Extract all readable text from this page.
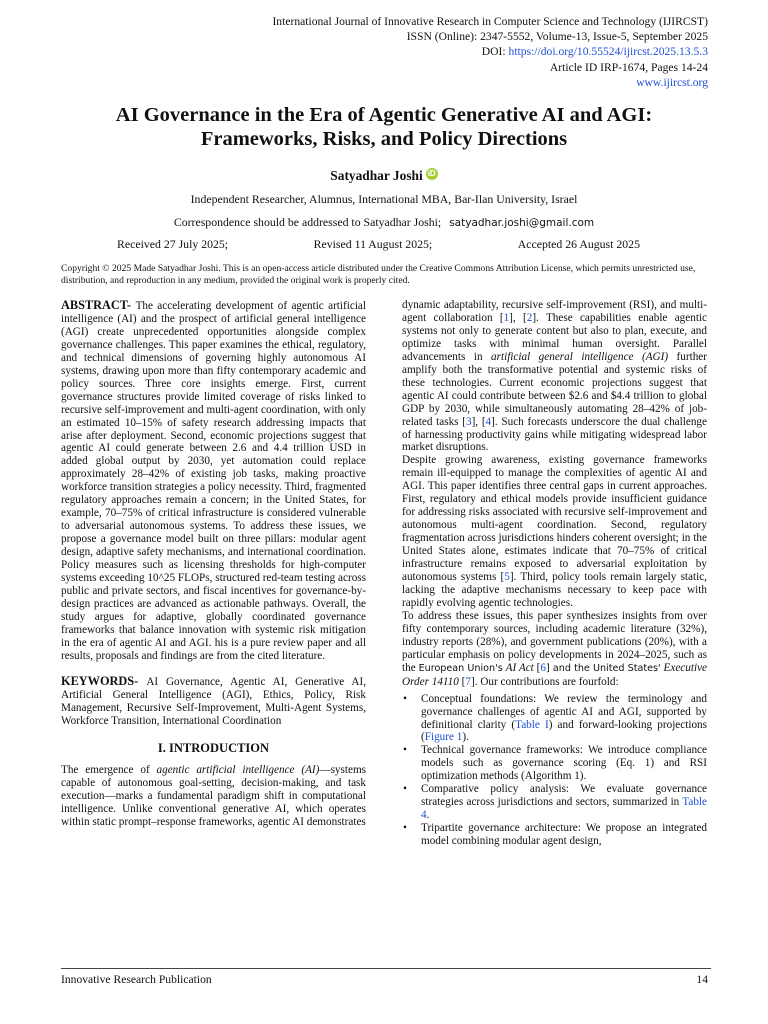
International Journal of Innovative Research in Computer Science and Technology (IJIRCST)
ISSN (Online): 2347-5552, Volume-13, Issue-5, September 2025
DOI: https://doi.org/10.55524/ijircst.2025.13.5.3
Article ID IRP-1674, Pages 14-24
www.ijircst.org
AI Governance in the Era of Agentic Generative AI and AGI:
Frameworks, Risks, and Policy Directions
Satyadhar Joshi iD
Independent Researcher, Alumnus, International MBA, Bar-Ilan University, Israel
Correspondence should be addressed to Satyadhar Joshi; satyadhar.joshi@gmail.com
Received 27 July 2025;	Revised 11 August 2025;	Accepted 26 August 2025
Copyright © 2025 Made Satyadhar Joshi. This is an open-access article distributed under the Creative Commons Attribution License, which permits unrestricted use, distribution, and reproduction in any medium, provided the original work is properly cited.

ABSTRACT- The accelerating development of agentic artificial intelligence (AI) and the prospect of artificial general intelligence (AGI) create unprecedented opportunities alongside complex governance challenges. This paper examines the ethical, regulatory, and technical dimensions of governing highly autonomous AI systems, drawing upon more than fifty contemporary academic and policy sources. Three core insights emerge. First, current governance structures provide limited coverage of risks linked to recursive self-improvement and multi-agent coordination, with only an estimated 10–15% of safety research addressing impacts that arise after deployment. Second, economic projections suggest that agentic AI could generate between 2.6 and 4.4 trillion USD in added global output by 2030, yet automation could replace approximately 28–42% of existing job tasks, making proactive workforce transition strategies a policy necessity. Third, fragmented regulatory approaches remain a concern; in the United States, for example, 70–75% of critical infrastructure is considered vulnerable to adversarial autonomous systems. To address these issues, we propose a governance model built on three pillars: modular agent design, adaptive safety mechanisms, and international coordination. Policy measures such as licensing thresholds for high-computer systems exceeding 10^25 FLOPs, structured red-team testing across public and private sectors, and fiscal incentives for governance-by-design practices are advanced as actionable pathways. Overall, the study argues for adaptive, globally coordinated governance frameworks that balance innovation with systemic risk mitigation in the era of agentic AI and AGI. his is a pure review paper and all results, proposals and findings are from the cited literature.

KEYWORDS- AI Governance, Agentic AI, Generative AI, Artificial General Intelligence (AGI), Ethics, Policy, Risk Management, Recursive Self-Improvement, Multi-Agent Systems, Workforce Transition, International Coordination

I. INTRODUCTION

The emergence of agentic artificial intelligence (AI)—systems capable of autonomous goal-setting, decision-making, and task execution—marks a fundamental paradigm shift in computational intelligence. Unlike conventional generative AI, which operates within static prompt–response frameworks, agentic AI demonstrates

dynamic adaptability, recursive self-improvement (RSI), and multi-agent collaboration [1], [2]. These capabilities enable agentic systems not only to generate content but also to plan, execute, and optimize tasks with minimal human oversight. Parallel advancements in artificial general intelligence (AGI) further amplify both the transformative potential and systemic risks of these technologies. Current economic projections suggest that agentic AI could contribute between $2.6 and $4.4 trillion to global GDP by 2030, while simultaneously automating 28–42% of job-related tasks [3], [4]. Such forecasts underscore the dual challenge of harnessing productivity gains while mitigating widespread labor market disruptions.

Despite growing awareness, existing governance frameworks remain ill-equipped to manage the complexities of agentic AI and AGI. This paper identifies three central gaps in current approaches. First, regulatory and ethical models provide insufficient guidance for addressing risks associated with recursive self-improvement and autonomous multi-agent coordination. Second, regulatory fragmentation across jurisdictions hinders coherent oversight; in the United States alone, estimates indicate that 70–75% of critical infrastructure remains exposed to adversarial exploitation by autonomous systems [5]. Third, policy tools remain largely static, lacking the adaptive mechanisms necessary to keep pace with rapidly evolving agentic technologies.

To address these issues, this paper synthesizes insights from over fifty contemporary sources, including academic literature (32%), industry reports (28%), and government publications (20%), with a particular emphasis on policy developments in 2024–2025, such as the European Union's AI Act [6] and the United States' Executive Order 14110 [7]. Our contributions are fourfold:

• Conceptual foundations: We review the terminology and governance challenges of agentic AI and AGI, supported by definitional clarity (Table I) and forward-looking projections (Figure 1).
• Technical governance frameworks: We introduce compliance models such as governance scoring (Eq. 1) and RSI optimization methods (Algorithm 1).
• Comparative policy analysis: We evaluate governance strategies across jurisdictions and sectors, summarized in Table 4.
• Tripartite governance architecture: We propose an integrated model combining modular agent design,
Innovative Research Publication	14
